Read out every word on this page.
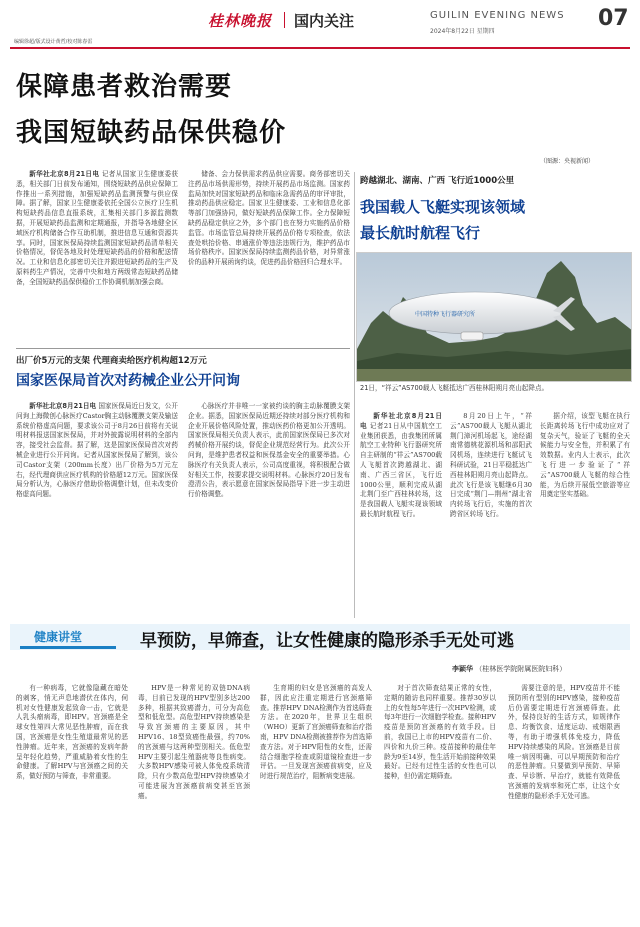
编辑徐超/版式设计黄哲/校对陈春雷
桂林晚报 国内关注	GUILIN EVENING NEWS
2024年8月22日 星期四
07
保障患者救治需要
我国短缺药品保供稳价

新华社北京8月21日电 记者从国家卫生健康委获悉，相关部门日前发布通知，围绕短缺药品供应保障工作推出一系列措施，加强短缺药品监测预警与供应保障。据了解，国家卫生健康委依托全国公立医疗卫生机构短缺药品信息直报系统，汇集相关部门多源监测数据，开展短缺药品监测和定期通报，并指导各地健全区域医疗机构储备合作互助机制，推进信息互通和资源共享。同时，国家医保局持续监测国家短缺药品清单相关价格情况，督促各地及时处理短缺药品的价格和配送情况。工业和信息化部密切关注并跟进短缺药品的生产及原料药生产情况，完善中央和地方两级常态短缺药品储备，全国短缺药品保供稳价工作协调机制加强会商。

储备、会力保供需求药品供应需要。商务部密切关注药品市场供需形势，持续开展药品市场监测。国家药监局加快对国家短缺药品和临床急需药品的审评审批，推动药品供应稳定。国家卫生健康委、工业和信息化部等部门加强协同，做好短缺药品保障工作。全力保障短缺药品稳定供应之外，多个部门也在努力实施药品价格监管。市场监管总局持续开展药品价格专项检查，依法查处哄抬价格、串通涨价等违法违规行为，维护药品市场价格秩序。国家医保局持续监测药品价格，对异常涨价的品种开展函询约谈，促进药品价格回归合理水平。

出厂价5万元的支架 代理商卖给医疗机构超12万元
国家医保局首次对药械企业公开问询

新华社北京8月21日电 国家医保局近日发文，公开问询上海微创心脉医疗Castor胸主动脉覆膜支架及输送系统价格虚高问题，要求该公司于8月26日前将有关说明材料报送国家医保局，并对外披露说明材料的全部内容，接受社会监督。据了解，这是国家医保局首次对药械企业进行公开问询。记者从国家医保局了解到，该公司Castor支架（200mm长度）出厂价格为5万元左右，经代理商供应医疗机构的价格超12万元。国家医保局分析认为，心脉医疗借助价格调整计划，但未改变价格虚高问题。

心脉医疗并非唯一一家被约谈的胸主动脉覆膜支架企业。据悉，国家医保局近期还持续对部分医疗机构和企业开展价格风险处置，推动医药价格更加公开透明。国家医保局相关负责人表示，此前国家医保局已多次对药械价格开展约谈，督促企业规范经营行为。此次公开问询，是维护患者权益和医保基金安全的重要举措。心脉医疗有关负责人表示，公司高度重视，将积极配合做好相关工作，按要求提交说明材料。心脉医疗20日发布澄清公告，表示愿意在国家医保局指导下进一步主动进行价格调整。

（图源：央视新闻）
跨越湖北、湖南、广西 飞行近1000公里
我国载人飞艇实现该领域
最长航时航程飞行
中国特种飞行器研究所
21日，“祥云”AS700载人飞艇抵达广西桂林阳朔月亮山起降点。

新华社北京8月21日电 记者21日从中国航空工业集团获悉，由我集团所属航空工业特种飞行器研究所自主研制的“祥云”AS700载人飞艇首次跨越湖北、湖南、广西三省区，飞行近1000公里，顺利完成从湖北荆门至广西桂林转场，这是我国载人飞艇实现该领域最长航时航程飞行。

8月20日上午，“祥云”AS700载人飞艇从湖北荆门漳河机场起飞，途经湖南常德桃花源机场和邵阳武冈机场，连续进行飞艇试飞科研试验，21日平稳抵达广西桂林阳朔月亮山起降点。此次飞行是该飞艇继6月30日完成“荆门—荆州”湖北省内转场飞行后，实施的首次跨省区转场飞行。

据介绍，该型飞艇在执行长距离转场飞行中成功应对了复杂天气，验证了飞艇的全天候能力与安全性，并积累了有效数据。业内人士表示，此次飞行进一步验证了“祥云”AS700载人飞艇的综合性能，为后续开展低空旅游等应用奠定坚实基础。

健康讲堂	早预防，早筛查，让女性健康的隐形杀手无处可逃
李颖华 （桂林医学院附属医院妇科）

有一种病毒，它就像隐藏在暗处的刺客，悄无声息地潜伏在体内，伺机对女性健康发起致命一击，它就是人乳头瘤病毒，即HPV。宫颈癌是全球女性第四大常见恶性肿瘤，而在我国，宫颈癌是女性生殖道最常见的恶性肿瘤。近年来，宫颈癌的发病年龄呈年轻化趋势，严重威胁着女性的生命健康。了解HPV与宫颈癌之间的关系，做好预防与筛查，非常重要。

HPV是一种常见的双链DNA病毒，目前已发现的HPV型别多达200多种，根据其致癌潜力，可分为高危型和低危型。高危型HPV持续感染是导致宫颈癌的主要原因，其中HPV16、18型致癌性最强，约70%的宫颈癌与这两种型别相关。低危型HPV主要引起生殖器疣等良性病变。大多数HPV感染可被人体免疫系统清除，只有少数高危型HPV持续感染才可能进展为宫颈癌前病变甚至宫颈癌。

生育期的妇女是宫颈癌的高发人群，因此应注重定期进行宫颈癌筛查。推荐HPV DNA检测作为首选筛查方法。在2020年，世界卫生组织（WHO）更新了宫颈癌筛查和治疗指南，HPV DNA检测被推荐作为首选筛查方法。对于HPV阳性的女性，还需结合细胞学检查或阴道镜检查进一步评估。一旦发现宫颈癌前病变，应及时进行规范治疗，阻断病变进展。

对于首次筛查结果正常的女性，定期的随访也同样重要。推荐30岁以上的女性每5年进行一次HPV检测，或每3年进行一次细胞学检查。接种HPV疫苗是预防宫颈癌的有效手段。目前，我国已上市的HPV疫苗有二价、四价和九价三种。疫苗接种的最佳年龄为9至14岁，性生活开始前接种效果最好。已经有过性生活的女性也可以接种，但仍需定期筛查。

需要注意的是，HPV疫苗并不能预防所有型别的HPV感染，接种疫苗后仍需要定期进行宫颈癌筛查。此外，保持良好的生活方式，如规律作息、均衡饮食、适度运动、戒烟限酒等，有助于增强机体免疫力，降低HPV持续感染的风险。宫颈癌是目前唯一病因明确、可以早期预防和治疗的恶性肿瘤。只要做到早预防、早筛查、早诊断、早治疗，就能有效降低宫颈癌的发病率和死亡率，让这个女性健康的隐形杀手无处可逃。
